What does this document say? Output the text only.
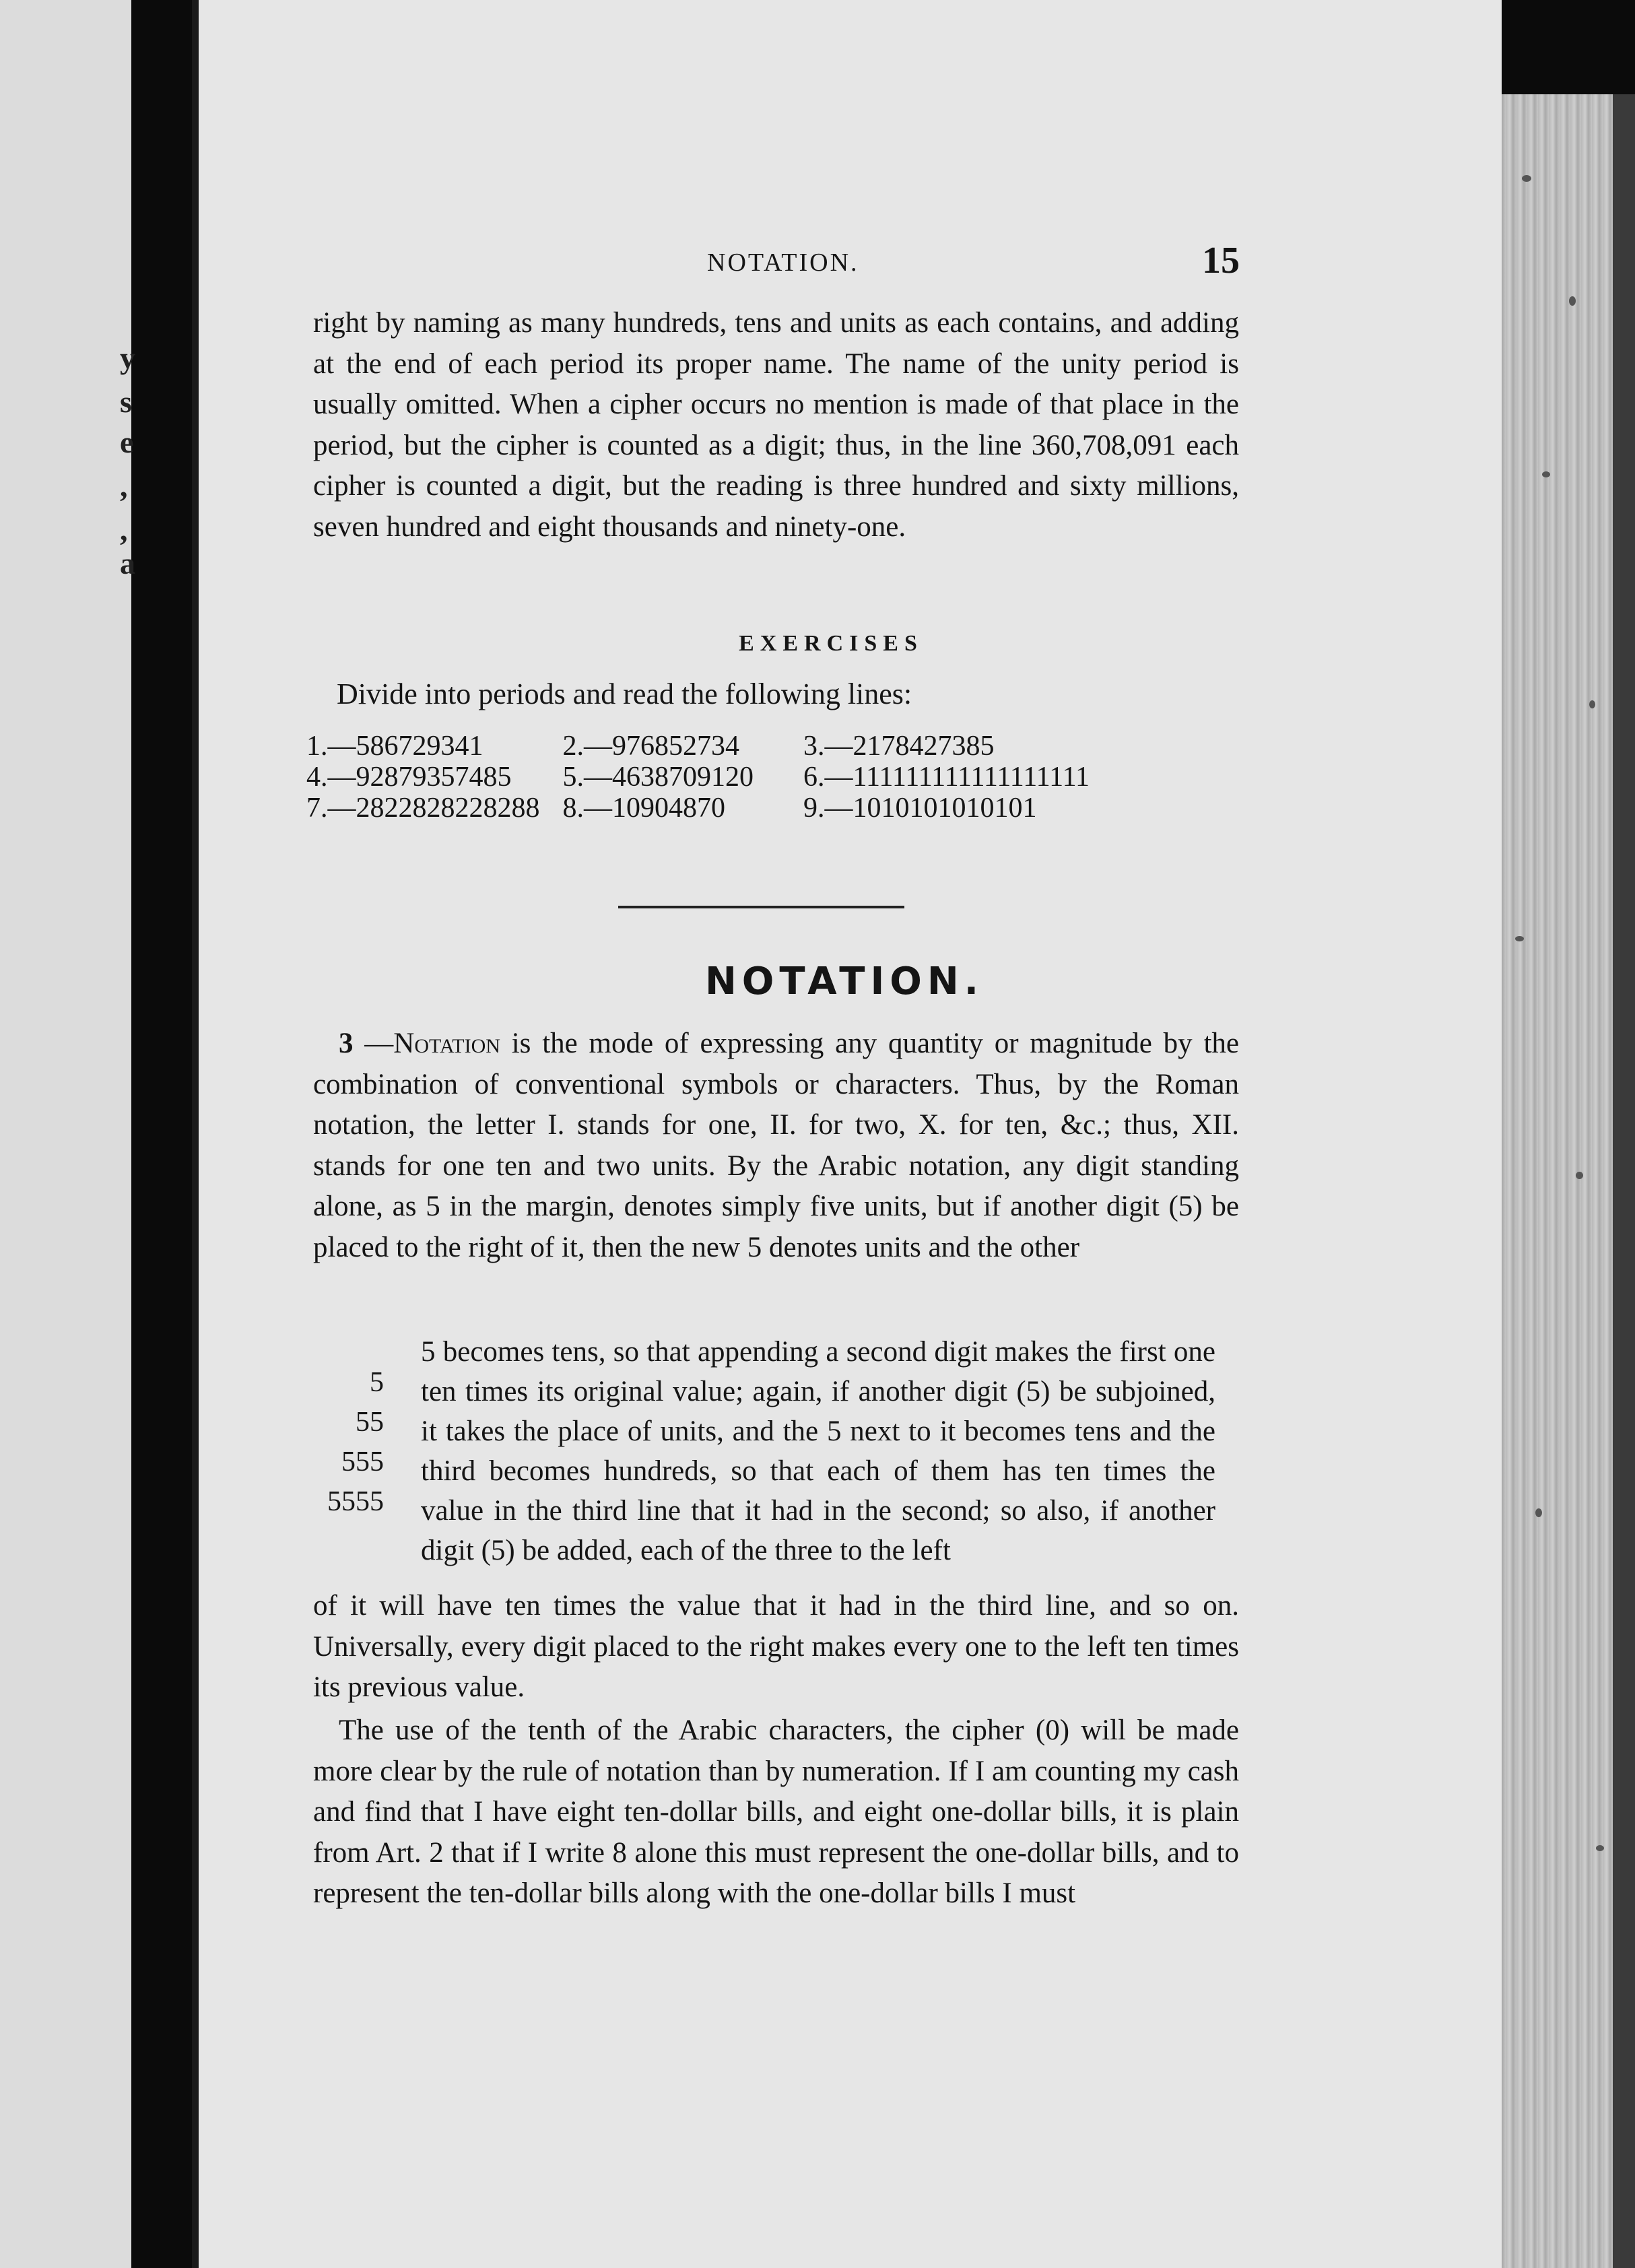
y
s
e
,
,
a
NOTATION.	15

right by naming as many hundreds, tens and units as each contains, and adding at the end of each period its proper name. The name of the unity period is usually omitted. When a cipher occurs no mention is made of that place in the period, but the cipher is counted as a digit; thus, in the line 360,708,091 each cipher is counted a digit, but the reading is three hundred and sixty millions, seven hundred and eight thousands and ninety-one.

EXERCISES
Divide into periods and read the following lines:
1.—586729341	2.—976852734	3.—2178427385
4.—92879357485	5.—4638709120	6.—111111111111111111
7.—2822828228288	8.—10904870	9.—1010101010101
NOTATION.

3 —Notation is the mode of expressing any quantity or magnitude by the combination of conventional symbols or characters. Thus, by the Roman notation, the letter I. stands for one, II. for two, X. for ten, &c.; thus, XII. stands for one ten and two units. By the Arabic notation, any digit standing alone, as 5 in the margin, denotes simply five units, but if another digit (5) be placed to the right of it, then the new 5 denotes units and the other

5
55
555
5555

5 becomes tens, so that appending a second digit makes the first one ten times its original value; again, if another digit (5) be subjoined, it takes the place of units, and the 5 next to it becomes tens and the third becomes hundreds, so that each of them has ten times the value in the third line that it had in the second; so also, if another digit (5) be added, each of the three to the left

of it will have ten times the value that it had in the third line, and so on. Universally, every digit placed to the right makes every one to the left ten times its previous value.

The use of the tenth of the Arabic characters, the cipher (0) will be made more clear by the rule of notation than by numeration. If I am counting my cash and find that I have eight ten-dollar bills, and eight one-dollar bills, it is plain from Art. 2 that if I write 8 alone this must represent the one-dollar bills, and to represent the ten-dollar bills along with the one-dollar bills I must
